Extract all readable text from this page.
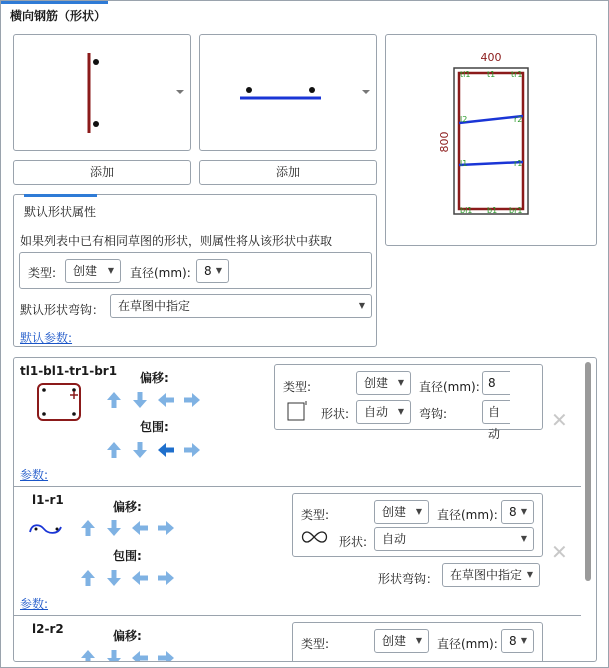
横向钢筋（形状）
添加	添加
400
800
tl1 t1 tr1
l2	r2
l1	r1
bl1 b1 br1
默认形状属性
如果列表中已有相同草图的形状，则属性将从该形状中获取
类型:	创建 ▼ 直径(mm):	8 ▼
默认形状弯钩：	在草图中指定	▼
默认参数:
tl1-bl1-tr1-br1 偏移:
包围:
参数:
类型:	创建 ▼ 直径(mm): 8
形状:	自动 ▼ 弯钩:	自动
✕
l1-r1	偏移:
包围:
参数:
类型:	创建 ▼ 直径(mm): 8 ▼
形状:	自动	▼
形状弯钩： 在草图中指定 ▼
✕
l2-r2	偏移:
类型:	创建 ▼ 直径(mm): 8 ▼
